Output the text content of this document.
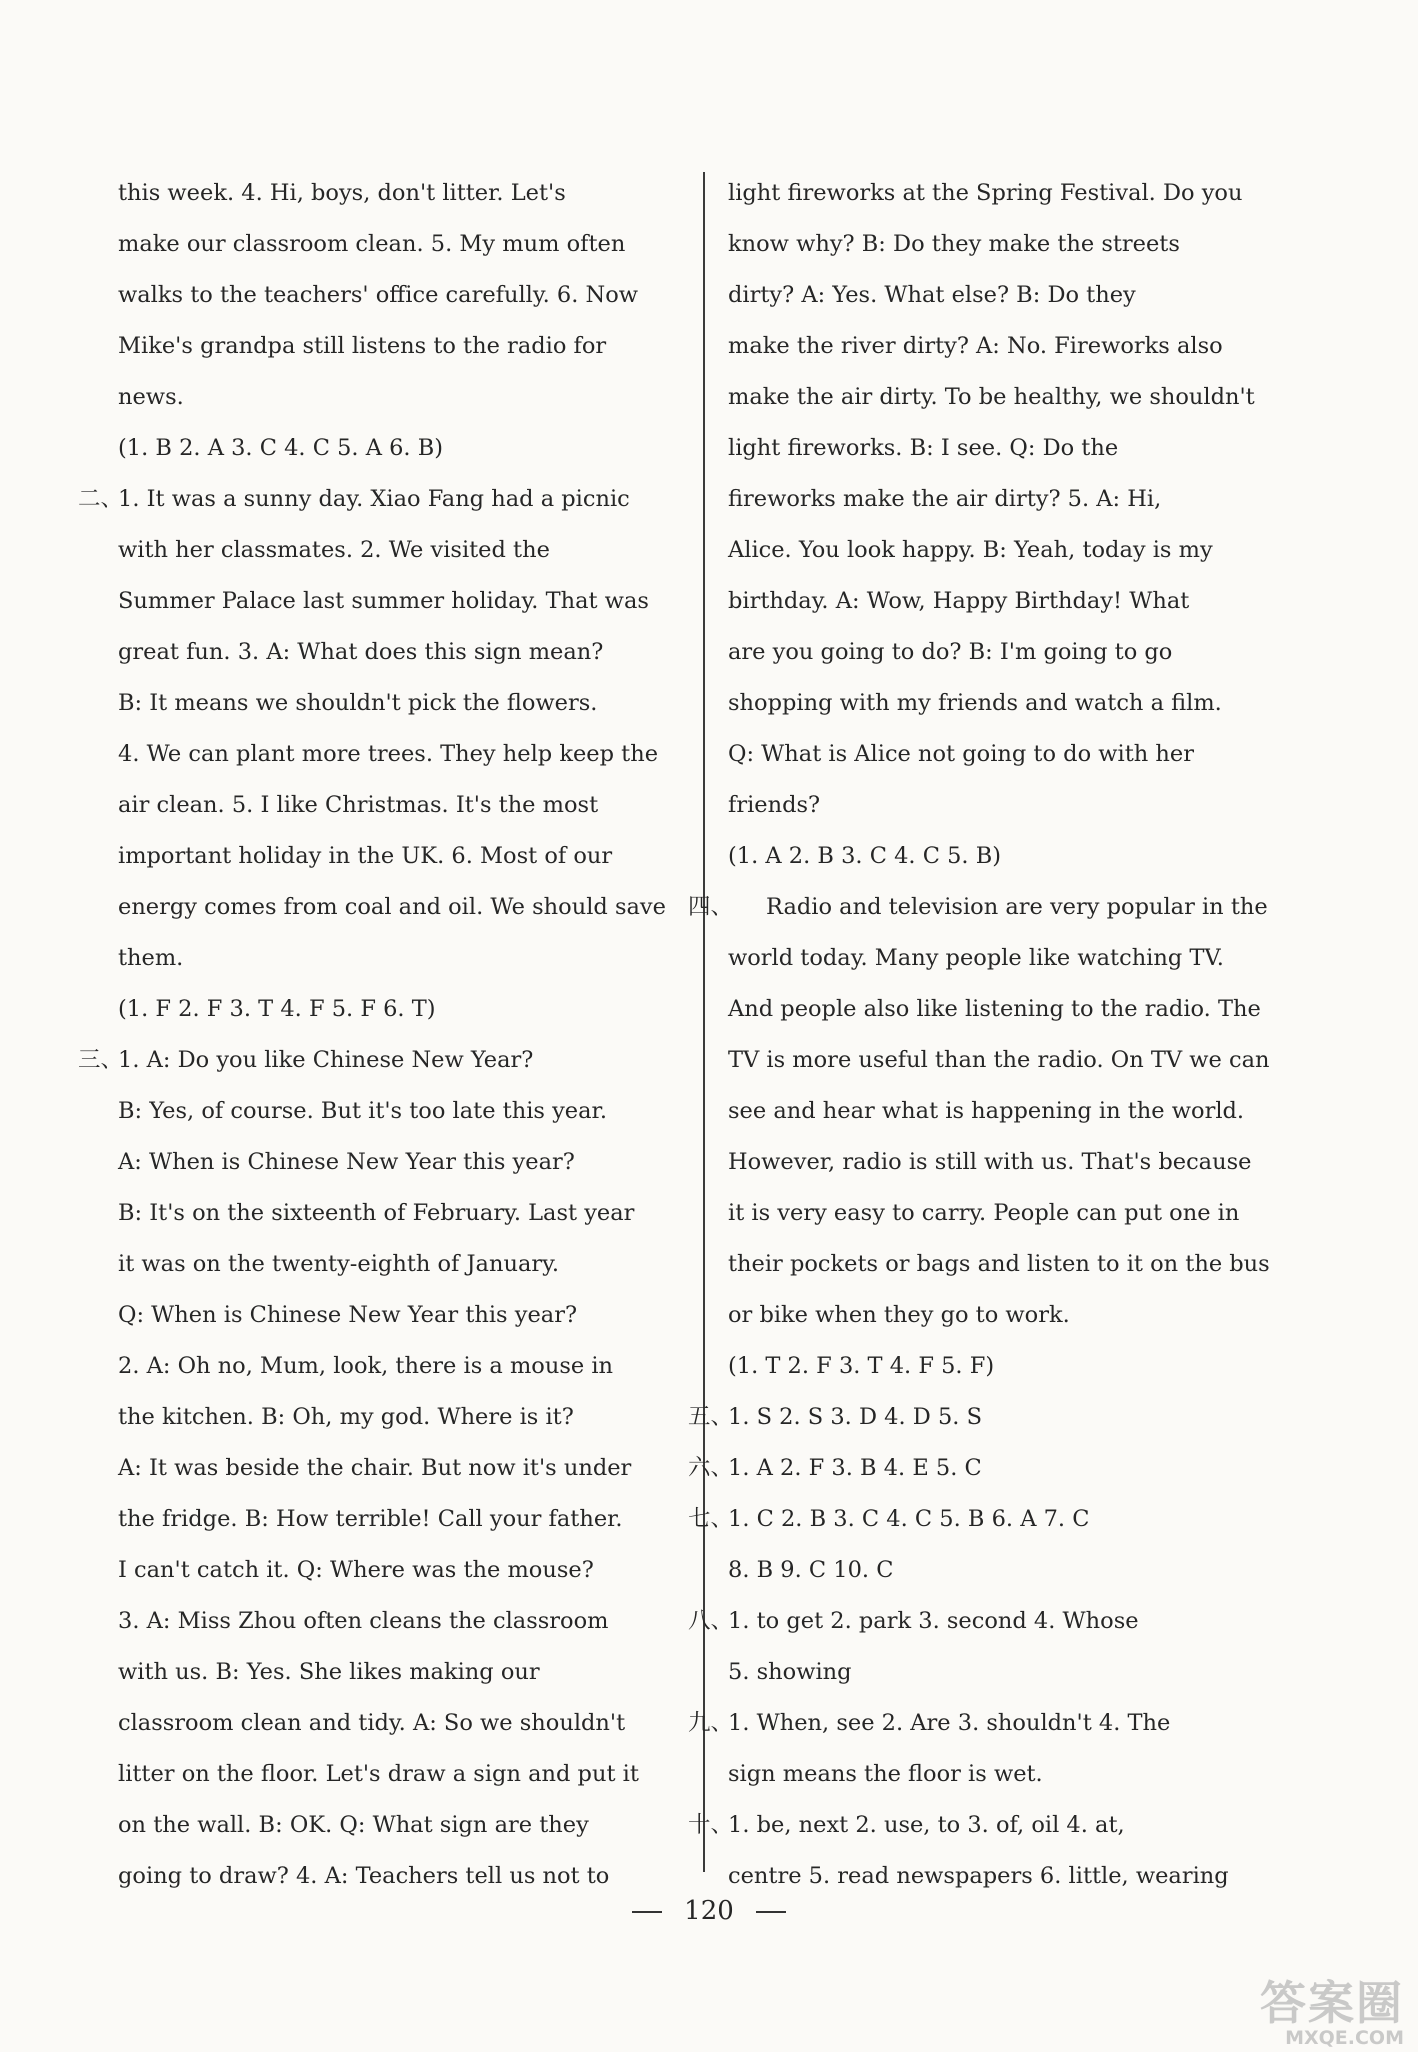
this week. 4. Hi, boys, don't litter. Let's
make our classroom clean. 5. My mum often
walks to the teachers' office carefully. 6. Now
Mike's grandpa still listens to the radio for
news.
(1. B 2. A 3. C 4. C 5. A 6. B)
二、
1. It was a sunny day. Xiao Fang had a picnic
with her classmates. 2. We visited the
Summer Palace last summer holiday. That was
great fun. 3. A: What does this sign mean?
B: It means we shouldn't pick the flowers.
4. We can plant more trees. They help keep the
air clean. 5. I like Christmas. It's the most
important holiday in the UK. 6. Most of our
energy comes from coal and oil. We should save
them.
(1. F 2. F 3. T 4. F 5. F 6. T)
三、
1. A: Do you like Chinese New Year?
B: Yes, of course. But it's too late this year.
A: When is Chinese New Year this year?
B: It's on the sixteenth of February. Last year
it was on the twenty-eighth of January.
Q: When is Chinese New Year this year?
2. A: Oh no, Mum, look, there is a mouse in
the kitchen. B: Oh, my god. Where is it?
A: It was beside the chair. But now it's under
the fridge. B: How terrible! Call your father.
I can't catch it. Q: Where was the mouse?
3. A: Miss Zhou often cleans the classroom
with us. B: Yes. She likes making our
classroom clean and tidy. A: So we shouldn't
litter on the floor. Let's draw a sign and put it
on the wall. B: OK. Q: What sign are they
going to draw? 4. A: Teachers tell us not to
light fireworks at the Spring Festival. Do you
know why? B: Do they make the streets
dirty? A: Yes. What else? B: Do they
make the river dirty? A: No. Fireworks also
make the air dirty. To be healthy, we shouldn't
light fireworks. B: I see. Q: Do the
fireworks make the air dirty? 5. A: Hi,
Alice. You look happy. B: Yeah, today is my
birthday. A: Wow, Happy Birthday! What
are you going to do? B: I'm going to go
shopping with my friends and watch a film.
Q: What is Alice not going to do with her
friends?
(1. A 2. B 3. C 4. C 5. B)
四、	Radio and television are very popular in the
world today. Many people like watching TV.
And people also like listening to the radio. The
TV is more useful than the radio. On TV we can
see and hear what is happening in the world.
However, radio is still with us. That's because
it is very easy to carry. People can put one in
their pockets or bags and listen to it on the bus
or bike when they go to work.
(1. T 2. F 3. T 4. F 5. F)
五、
1. S 2. S 3. D 4. D 5. S
六、
1. A 2. F 3. B 4. E 5. C
七、
1. C 2. B 3. C 4. C 5. B 6. A 7. C
8. B 9. C 10. C
八、
1. to get 2. park 3. second 4. Whose
5. showing
九、
1. When, see 2. Are 3. shouldn't 4. The
sign means the floor is wet.
十、
1. be, next 2. use, to 3. of, oil 4. at,
centre 5. read newspapers 6. little, wearing
120
答案圈
MXQE.COM
